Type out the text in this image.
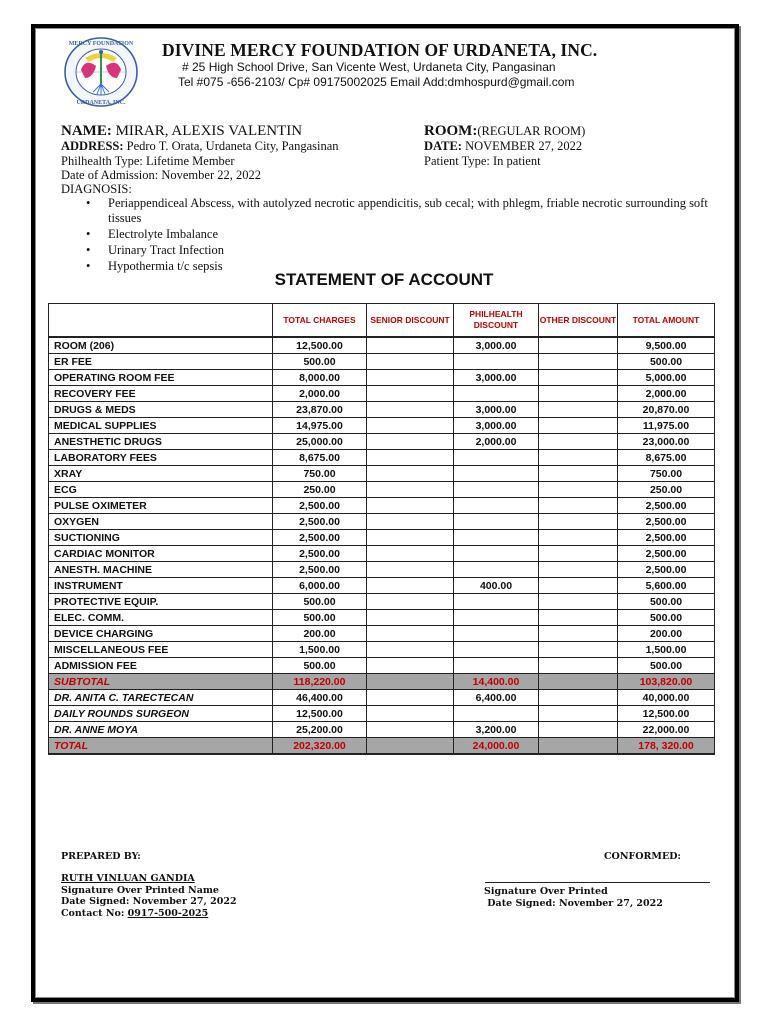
MERCY FOUNDATION
URDANETA, INC.
DIVINE MERCY FOUNDATION OF URDANETA, INC.
# 25 High School Drive, San Vicente West, Urdaneta City, Pangasinan
Tel #075 -656-2103/ Cp# 09175002025 Email Add:dmhospurd@gmail.com
NAME: MIRAR, ALEXIS VALENTIN
ADDRESS: Pedro T. Orata, Urdaneta City, Pangasinan
Philhealth Type: Lifetime Member
Date of Admission: November 22, 2022
DIAGNOSIS:
ROOM:(REGULAR ROOM)
DATE: NOVEMBER 27, 2022
Patient Type: In patient
• Periappendiceal Abscess, with autolyzed necrotic appendicitis, sub cecal; with phlegm, friable necrotic surrounding soft tissues
• Electrolyte Imbalance
• Urinary Tract Infection
• Hypothermia t/c sepsis
STATEMENT OF ACCOUNT
	TOTAL CHARGES	SENIOR DISCOUNT	PHILHEALTH DISCOUNT	OTHER DISCOUNT	TOTAL AMOUNT
ROOM (206)	12,500.00		3,000.00		9,500.00
ER FEE	500.00				500.00
OPERATING ROOM FEE	8,000.00		3,000.00		5,000.00
RECOVERY FEE	2,000.00				2,000.00
DRUGS & MEDS	23,870.00		3,000.00		20,870.00
MEDICAL SUPPLIES	14,975.00		3,000.00		11,975.00
ANESTHETIC DRUGS	25,000.00		2,000.00		23,000.00
LABORATORY FEES	8,675.00				8,675.00
XRAY	750.00				750.00
ECG	250.00				250.00
PULSE OXIMETER	2,500.00				2,500.00
OXYGEN	2,500.00				2,500.00
SUCTIONING	2,500.00				2,500.00
CARDIAC MONITOR	2,500.00				2,500.00
ANESTH. MACHINE	2,500.00				2,500.00
INSTRUMENT	6,000.00		400.00		5,600.00
PROTECTIVE EQUIP.	500.00				500.00
ELEC. COMM.	500.00				500.00
DEVICE CHARGING	200.00				200.00
MISCELLANEOUS FEE	1,500.00				1,500.00
ADMISSION FEE	500.00				500.00
SUBTOTAL	118,220.00		14,400.00		103,820.00
DR. ANITA C. TARECTECAN	46,400.00		6,400.00		40,000.00
DAILY ROUNDS SURGEON	12,500.00				12,500.00
DR. ANNE MOYA	25,200.00		3,200.00		22,000.00
TOTAL	202,320.00		24,000.00		178, 320.00
PREPARED BY:
RUTH VINLUAN GANDIA
Signature Over Printed Name
Date Signed: November 27, 2022
Contact No: 0917-500-2025
CONFORMED:
Signature Over Printed
Date Signed: November 27, 2022
